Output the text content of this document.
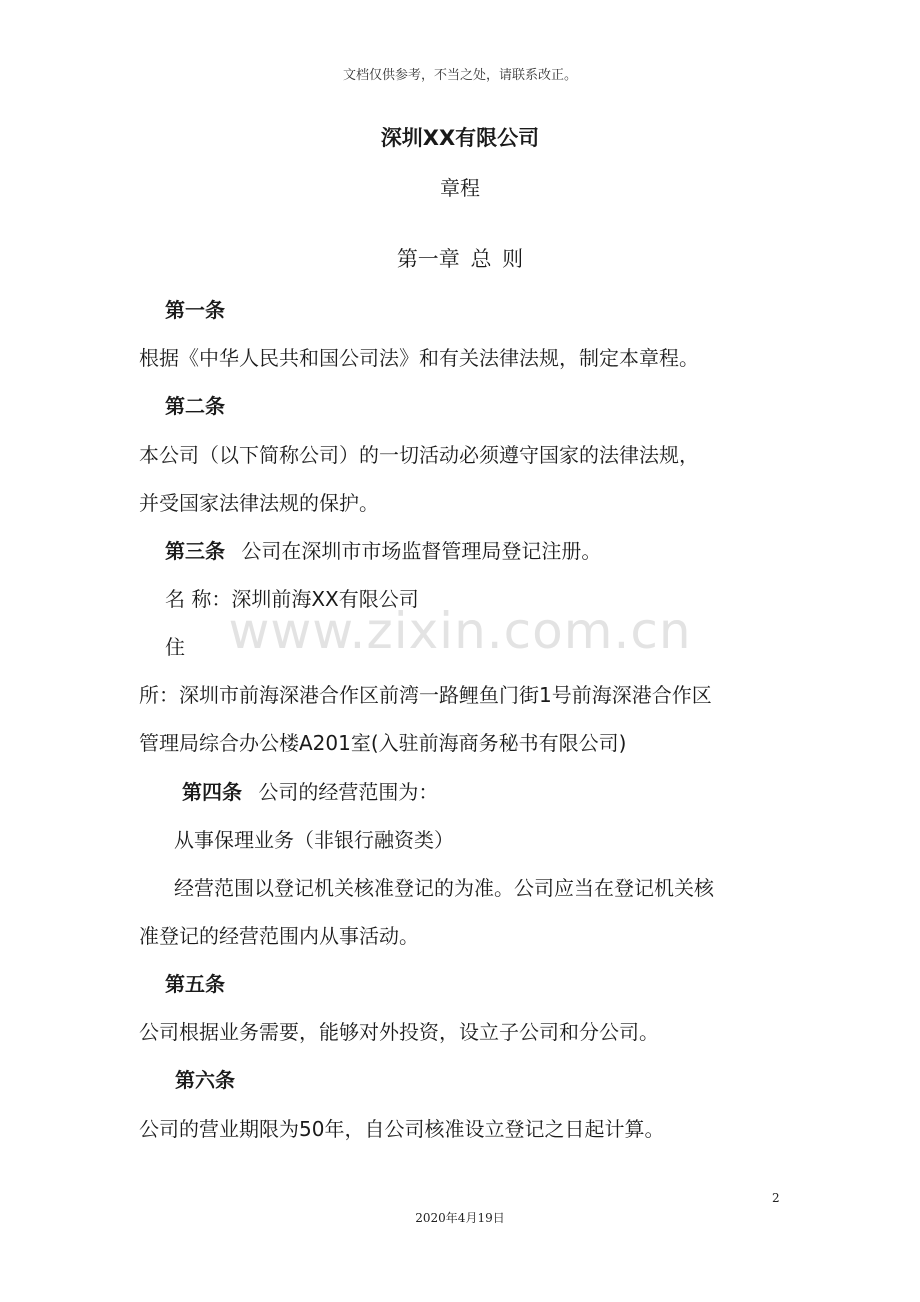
文档仅供参考，不当之处，请联系改正。
深圳XX有限公司
章程
第一章 总 则
第一条
根据《中华人民共和国公司法》和有关法律法规，制定本章程。
第二条
本公司（以下简称公司）的一切活动必须遵守国家的法律法规，
并受国家法律法规的保护。
第三条 公司在深圳市市场监督管理局登记注册。
名 称：深圳前海XX有限公司
www.zixin.com.cn
住
所：深圳市前海深港合作区前湾一路鲤鱼门街1号前海深港合作区
管理局综合办公楼A201室(入驻前海商务秘书有限公司)
第四条 公司的经营范围为：
从事保理业务（非银行融资类）
经营范围以登记机关核准登记的为准。公司应当在登记机关核
准登记的经营范围内从事活动。
第五条
公司根据业务需要，能够对外投资，设立子公司和分公司。
第六条
公司的营业期限为50年，自公司核准设立登记之日起计算。
2
2020年4月19日
